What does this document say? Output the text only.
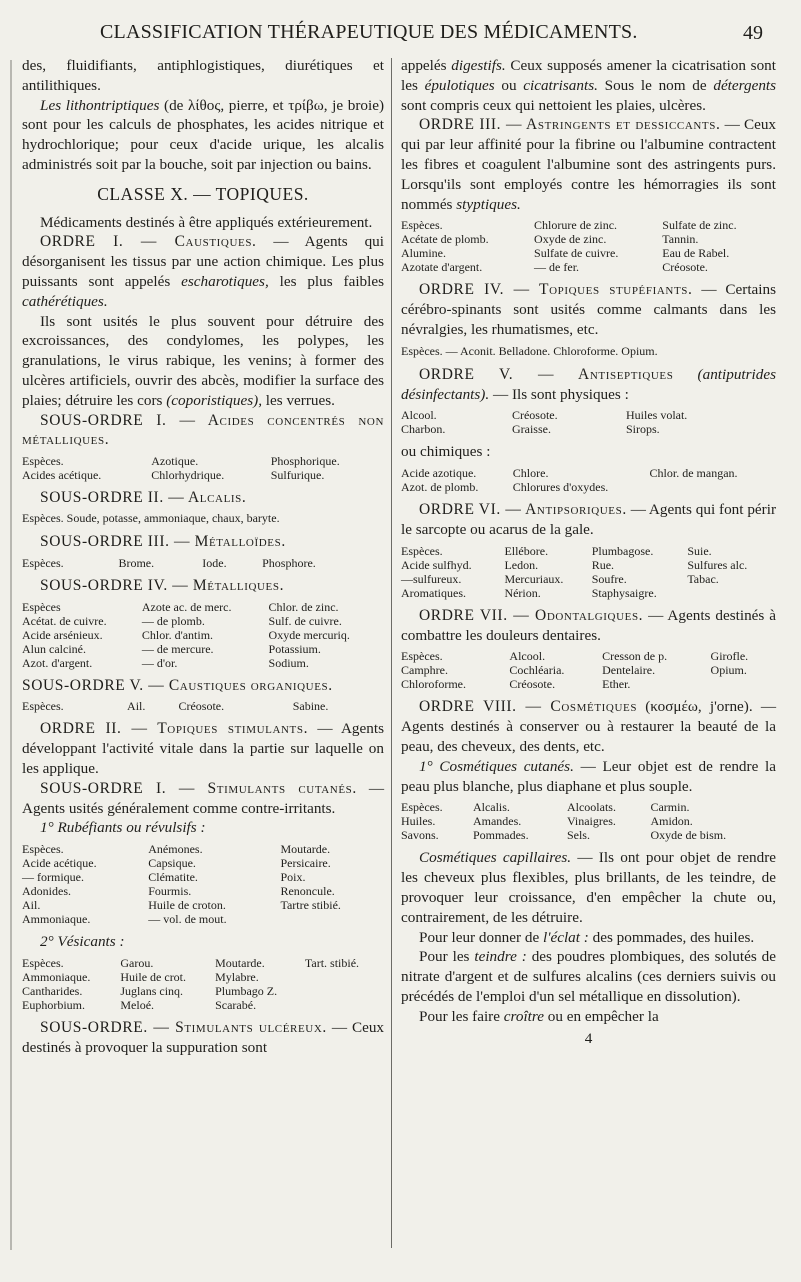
CLASSIFICATION THÉRAPEUTIQUE DES MÉDICAMENTS.	49

des, fluidifiants, antiphlogistiques, diurétiques et antilithiques.

Les lithontriptiques (de λίθος, pierre, et τρίβω, je broie) sont pour les calculs de phosphates, les acides nitrique et hydrochlorique; pour ceux d'acide urique, les alcalis administrés soit par la bouche, soit par injection ou bains.

CLASSE X. — TOPIQUES.

Médicaments destinés à être appliqués extérieurement.

ORDRE I. — Caustiques. — Agents qui désorganisent les tissus par une action chimique. Les plus puissants sont appelés escharotiques, les plus faibles cathérétiques.

Ils sont usités le plus souvent pour détruire des excroissances, des condylomes, les polypes, les granulations, le virus rabique, les venins; à former des ulcères artificiels, ouvrir des abcès, modifier la surface des plaies; détruire les cors (coporistiques), les verrues.

SOUS-ORDRE I. — Acides concentrés non métalliques.

Espèces.	Azotique.	Phosphorique.
Acides acétique.	Chlorhydrique.	Sulfurique.

SOUS-ORDRE II. — Alcalis.

Espèces. Soude, potasse, ammoniaque, chaux, baryte.

SOUS-ORDRE III. — Métalloïdes.

Espèces.	Brome.	Iode.	Phosphore.

SOUS-ORDRE IV. — Métalliques.

Espèces	Azote ac. de merc.	Chlor. de zinc.
Acétat. de cuivre.	— de plomb.	Sulf. de cuivre.
Acide arsénieux.	Chlor. d'antim.	Oxyde mercuriq.
Alun calciné.	— de mercure.	Potassium.
Azot. d'argent.	— d'or.	Sodium.

SOUS-ORDRE V. — Caustiques organiques.

Espèces.	Ail.	Créosote.	Sabine.

ORDRE II. — Topiques stimulants. — Agents développant l'activité vitale dans la partie sur laquelle on les applique.

SOUS-ORDRE I. — Stimulants cutanés. — Agents usités généralement comme contre-irritants.

1° Rubéfiants ou révulsifs :

Espèces.	Anémones.	Moutarde.
Acide acétique.	Capsique.	Persicaire.
— formique.	Clématite.	Poix.
Adonides.	Fourmis.	Renoncule.
Ail.	Huile de croton.	Tartre stibié.
Ammoniaque.	— vol. de mout.	

2° Vésicants :

Espèces.	Garou.	Moutarde.	Tart. stibié.
Ammoniaque.	Huile de crot.	Mylabre.	
Cantharides.	Juglans cinq.	Plumbago Z.	
Euphorbium.	Meloé.	Scarabé.	

SOUS-ORDRE. — Stimulants ulcéreux. — Ceux destinés à provoquer la suppuration sont

appelés digestifs. Ceux supposés amener la cicatrisation sont les épulotiques ou cicatrisants. Sous le nom de détergents sont compris ceux qui nettoient les plaies, ulcères.

ORDRE III. — Astringents et dessiccants. — Ceux qui par leur affinité pour la fibrine ou l'albumine contractent les fibres et coagulent l'albumine sont des astringents purs. Lorsqu'ils sont employés contre les hémorragies ils sont nommés styptiques.

Espèces.	Chlorure de zinc.	Sulfate de zinc.
Acétate de plomb.	Oxyde de zinc.	Tannin.
Alumine.	Sulfate de cuivre.	Eau de Rabel.
Azotate d'argent.	— de fer.	Créosote.

ORDRE IV. — Topiques stupéfiants. — Certains cérébro-spinants sont usités comme calmants dans les névralgies, les rhumatismes, etc.

Espèces. — Aconit. Belladone. Chloroforme. Opium.

ORDRE V. — Antiseptiques (antiputrides désinfectants). — Ils sont physiques :

Alcool.	Créosote.	Huiles volat.
Charbon.	Graisse.	Sirops.

ou chimiques :

Acide azotique.	Chlore.	Chlor. de mangan.
Azot. de plomb.	Chlorures d'oxydes.	

ORDRE VI. — Antipsoriques. — Agents qui font périr le sarcopte ou acarus de la gale.

Espèces.	Ellébore.	Plumbagose.	Suie.
Acide sulfhyd.	Ledon.	Rue.	Sulfures alc.
—sulfureux.	Mercuriaux.	Soufre.	Tabac.
Aromatiques.	Nérion.	Staphysaigre.	

ORDRE VII. — Odontalgiques. — Agents destinés à combattre les douleurs dentaires.

Espèces.	Alcool.	Cresson de p.	Girofle.
Camphre.	Cochléaria.	Dentelaire.	Opium.
Chloroforme.	Créosote.	Ether.	

ORDRE VIII. — Cosmétiques (κοσμέω, j'orne). — Agents destinés à conserver ou à restaurer la beauté de la peau, des cheveux, des dents, etc.

1° Cosmétiques cutanés. — Leur objet est de rendre la peau plus blanche, plus diaphane et plus souple.

Espèces.	Alcalis.	Alcoolats.	Carmin.
Huiles.	Amandes.	Vinaigres.	Amidon.
Savons.	Pommades.	Sels.	Oxyde de bism.

Cosmétiques capillaires. — Ils ont pour objet de rendre les cheveux plus flexibles, plus brillants, de les teindre, de provoquer leur croissance, d'en empêcher la chute ou, contrairement, de les détruire.

Pour leur donner de l'éclat : des pommades, des huiles.

Pour les teindre : des poudres plombiques, des solutés de nitrate d'argent et de sulfures alcalins (ces derniers suivis ou précédés de l'emploi d'un sel métallique en dissolution).

Pour les faire croître ou en empêcher la

4
